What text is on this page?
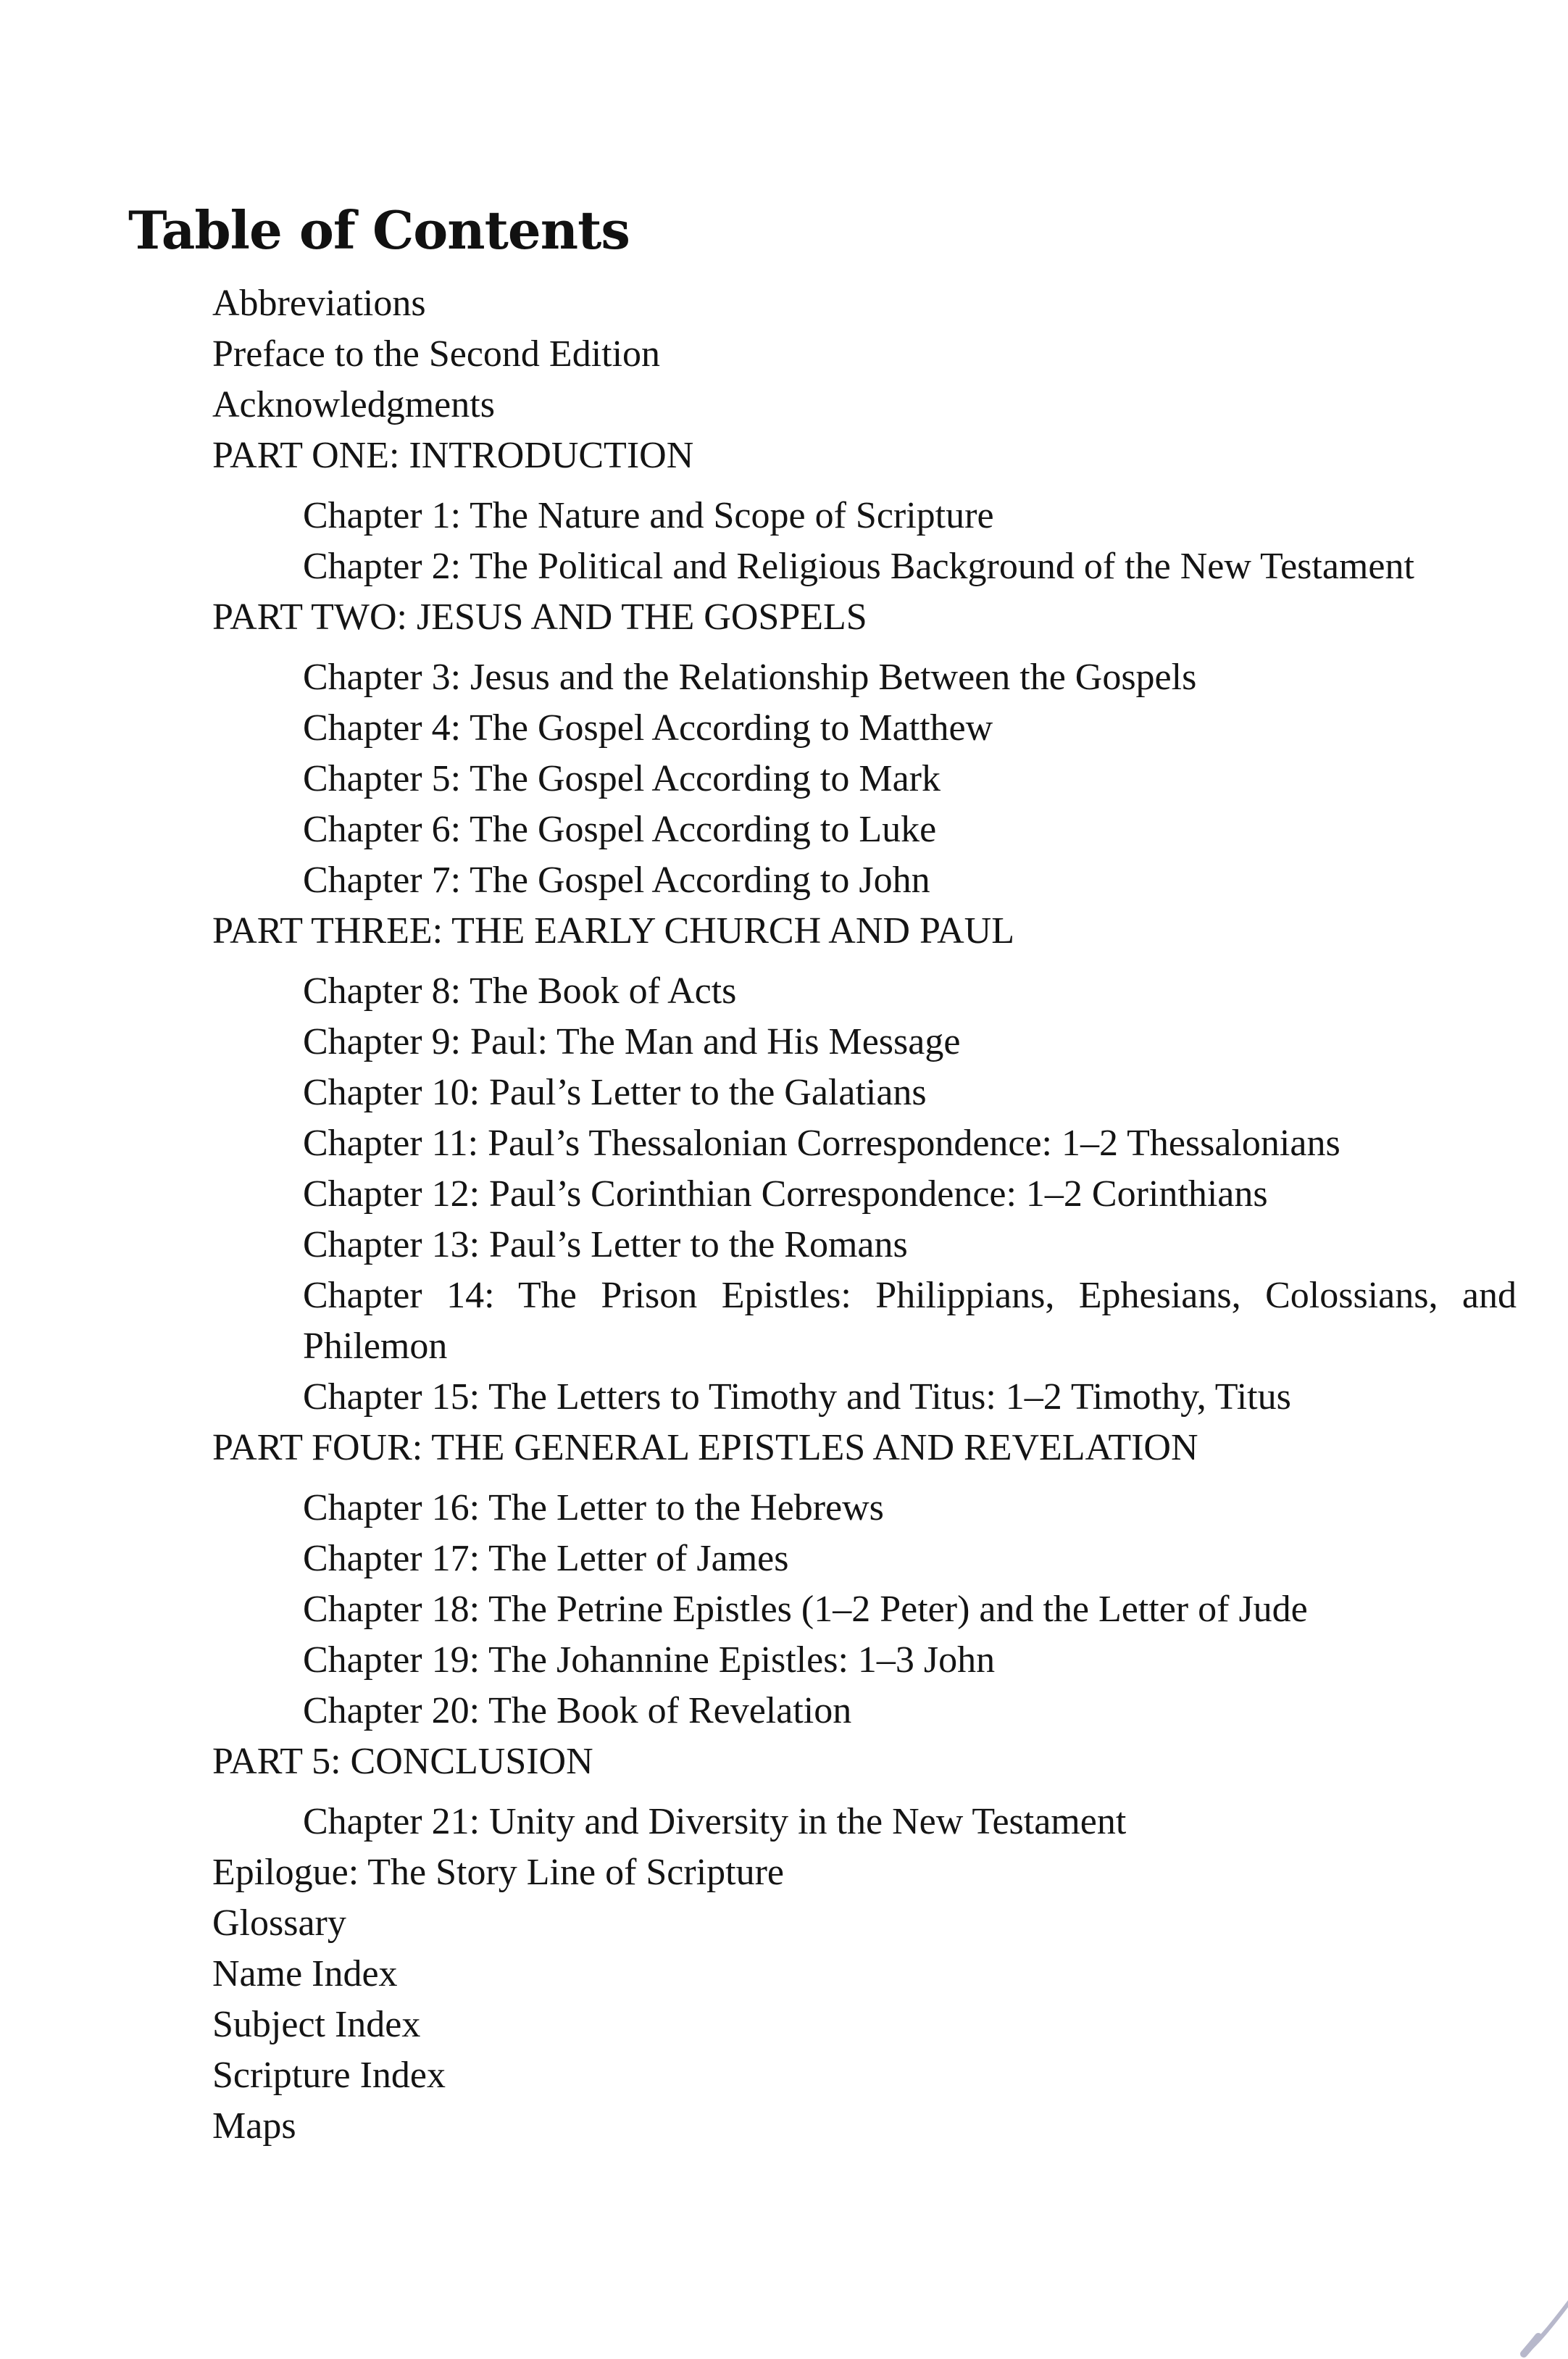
Table of Contents
Abbreviations
Preface to the Second Edition
Acknowledgments
PART ONE: INTRODUCTION
Chapter 1: The Nature and Scope of Scripture
Chapter 2: The Political and Religious Background of the New Testament
PART TWO: JESUS AND THE GOSPELS
Chapter 3: Jesus and the Relationship Between the Gospels
Chapter 4: The Gospel According to Matthew
Chapter 5: The Gospel According to Mark
Chapter 6: The Gospel According to Luke
Chapter 7: The Gospel According to John
PART THREE: THE EARLY CHURCH AND PAUL
Chapter 8: The Book of Acts
Chapter 9: Paul: The Man and His Message
Chapter 10: Paul’s Letter to the Galatians
Chapter 11: Paul’s Thessalonian Correspondence: 1–2 Thessalonians
Chapter 12: Paul’s Corinthian Correspondence: 1–2 Corinthians
Chapter 13: Paul’s Letter to the Romans
Chapter 14: The Prison Epistles: Philippians, Ephesians, Colossians, and Philemon
Chapter 15: The Letters to Timothy and Titus: 1–2 Timothy, Titus
PART FOUR: THE GENERAL EPISTLES AND REVELATION
Chapter 16: The Letter to the Hebrews
Chapter 17: The Letter of James
Chapter 18: The Petrine Epistles (1–2 Peter) and the Letter of Jude
Chapter 19: The Johannine Epistles: 1–3 John
Chapter 20: The Book of Revelation
PART 5: CONCLUSION
Chapter 21: Unity and Diversity in the New Testament
Epilogue: The Story Line of Scripture
Glossary
Name Index
Subject Index
Scripture Index
Maps
